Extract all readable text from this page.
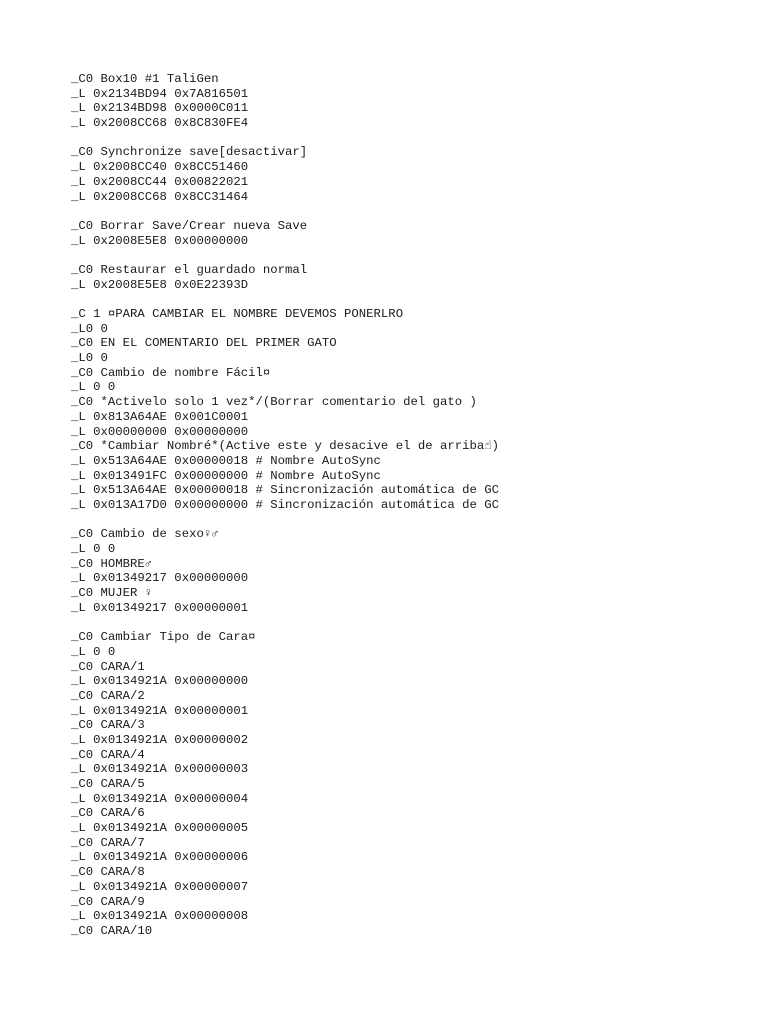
_C0 Box10 #1 TaliGen
_L 0x2134BD94 0x7A816501
_L 0x2134BD98 0x0000C011
_L 0x2008CC68 0x8C830FE4
_C0 Synchronize save[desactivar]
_L 0x2008CC40 0x8CC51460
_L 0x2008CC44 0x00822021
_L 0x2008CC68 0x8CC31464
_C0 Borrar Save/Crear nueva Save
_L 0x2008E5E8 0x00000000
_C0 Restaurar el guardado normal
_L 0x2008E5E8 0x0E22393D
_C 1 ¤PARA CAMBIAR EL NOMBRE DEVEMOS PONERLRO
_L0 0
_C0 EN EL COMENTARIO DEL PRIMER GATO
_L0 0
_C0 Cambio de nombre Fácil¤
_L 0 0
_C0 *Activelo solo 1 vez*/(Borrar comentario del gato )
_L 0x813A64AE 0x001C0001
_L 0x00000000 0x00000000
_C0 *Cambiar Nombré*(Active este y desacive el de arriba☝)
_L 0x513A64AE 0x00000018 # Nombre AutoSync
_L 0x013491FC 0x00000000 # Nombre AutoSync
_L 0x513A64AE 0x00000018 # Sincronización automática de GC
_L 0x013A17D0 0x00000000 # Sincronización automática de GC
_C0 Cambio de sexo♀♂
_L 0 0
_C0 HOMBRE♂
_L 0x01349217 0x00000000
_C0 MUJER ♀
_L 0x01349217 0x00000001
_C0 Cambiar Tipo de Cara¤
_L 0 0
_C0 CARA/1
_L 0x0134921A 0x00000000
_C0 CARA/2
_L 0x0134921A 0x00000001
_C0 CARA/3
_L 0x0134921A 0x00000002
_C0 CARA/4
_L 0x0134921A 0x00000003
_C0 CARA/5
_L 0x0134921A 0x00000004
_C0 CARA/6
_L 0x0134921A 0x00000005
_C0 CARA/7
_L 0x0134921A 0x00000006
_C0 CARA/8
_L 0x0134921A 0x00000007
_C0 CARA/9
_L 0x0134921A 0x00000008
_C0 CARA/10
